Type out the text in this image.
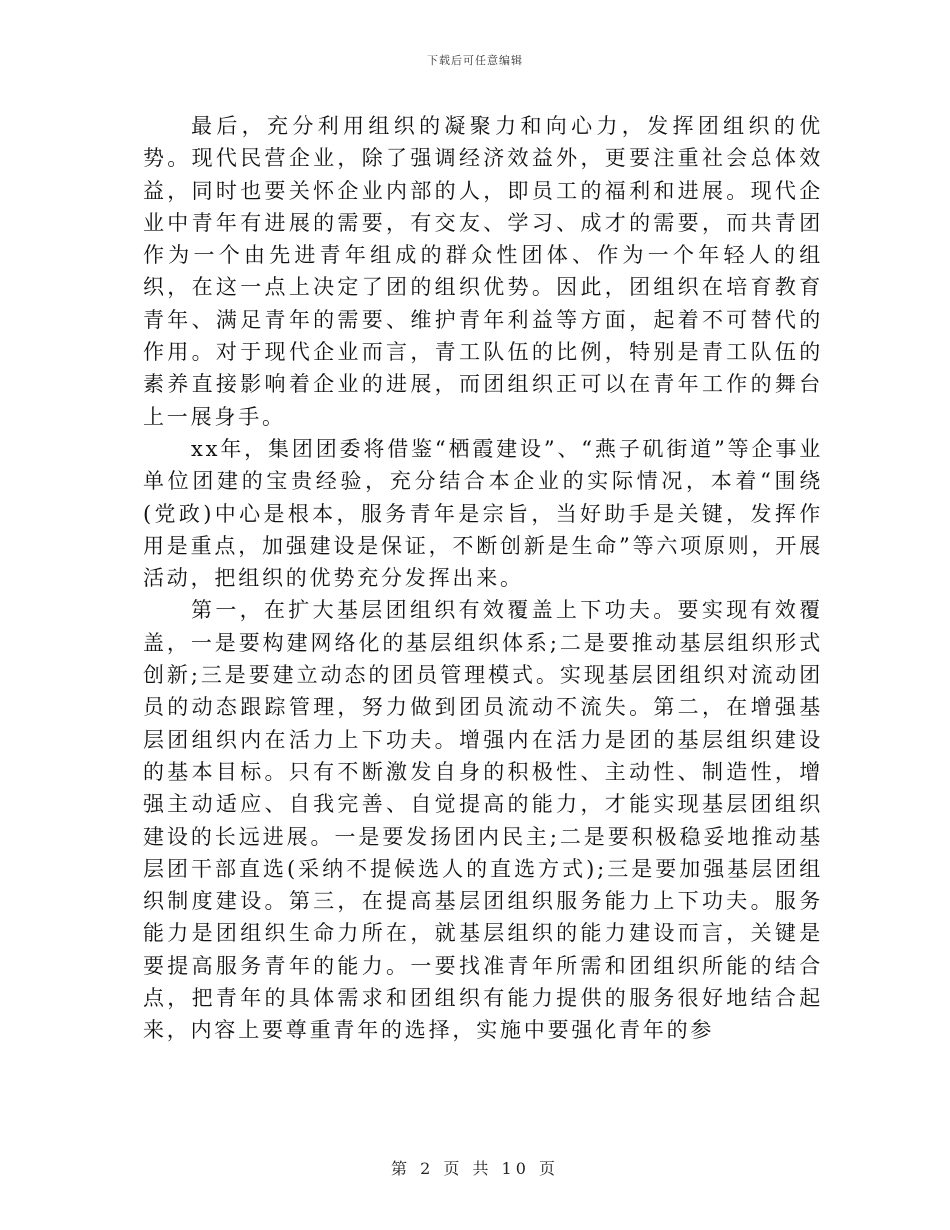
下载后可任意编辑

最后，充分利用组织的凝聚力和向心力，发挥团组织的优势。现代民营企业，除了强调经济效益外，更要注重社会总体效益，同时也要关怀企业内部的人，即员工的福利和进展。现代企业中青年有进展的需要，有交友、学习、成才的需要，而共青团作为一个由先进青年组成的群众性团体、作为一个年轻人的组织，在这一点上决定了团的组织优势。因此，团组织在培育教育青年、满足青年的需要、维护青年利益等方面，起着不可替代的作用。对于现代企业而言，青工队伍的比例，特别是青工队伍的素养直接影响着企业的进展，而团组织正可以在青年工作的舞台上一展身手。

xx年，集团团委将借鉴“栖霞建设”、“燕子矶街道”等企事业单位团建的宝贵经验，充分结合本企业的实际情况，本着“围绕(党政)中心是根本，服务青年是宗旨，当好助手是关键，发挥作用是重点，加强建设是保证，不断创新是生命”等六项原则，开展活动，把组织的优势充分发挥出来。

第一，在扩大基层团组织有效覆盖上下功夫。要实现有效覆盖，一是要构建网络化的基层组织体系;二是要推动基层组织形式创新;三是要建立动态的团员管理模式。实现基层团组织对流动团员的动态跟踪管理，努力做到团员流动不流失。第二，在增强基层团组织内在活力上下功夫。增强内在活力是团的基层组织建设的基本目标。只有不断激发自身的积极性、主动性、制造性，增强主动适应、自我完善、自觉提高的能力，才能实现基层团组织建设的长远进展。一是要发扬团内民主;二是要积极稳妥地推动基层团干部直选(采纳不提候选人的直选方式);三是要加强基层团组织制度建设。第三，在提高基层团组织服务能力上下功夫。服务能力是团组织生命力所在，就基层组织的能力建设而言，关键是要提高服务青年的能力。一要找准青年所需和团组织所能的结合点，把青年的具体需求和团组织有能力提供的服务很好地结合起来，内容上要尊重青年的选择，实施中要强化青年的参

第 2 页 共 10 页
